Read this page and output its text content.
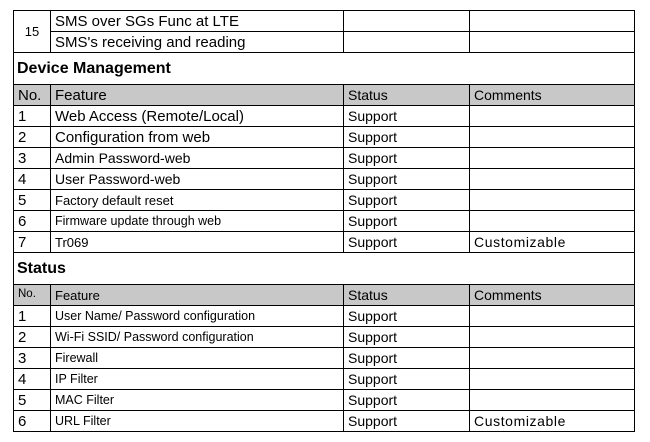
15	SMS over SGs Func at LTE		
	SMS's receiving and reading		
Device Management			
No.	Feature	Status	Comments
1	Web Access (Remote/Local)	Support	
2	Configuration from web	Support	
3	Admin Password-web	Support	
4	User Password-web	Support	
5	Factory default reset	Support	
6	Firmware update through web	Support	
7	Tr069	Support	Customizable
Status			
No.	Feature	Status	Comments
1	User Name/ Password configuration	Support	
2	Wi-Fi SSID/ Password configuration	Support	
3	Firewall	Support	
4	IP Filter	Support	
5	MAC Filter	Support	
6	URL Filter	Support	Customizable
